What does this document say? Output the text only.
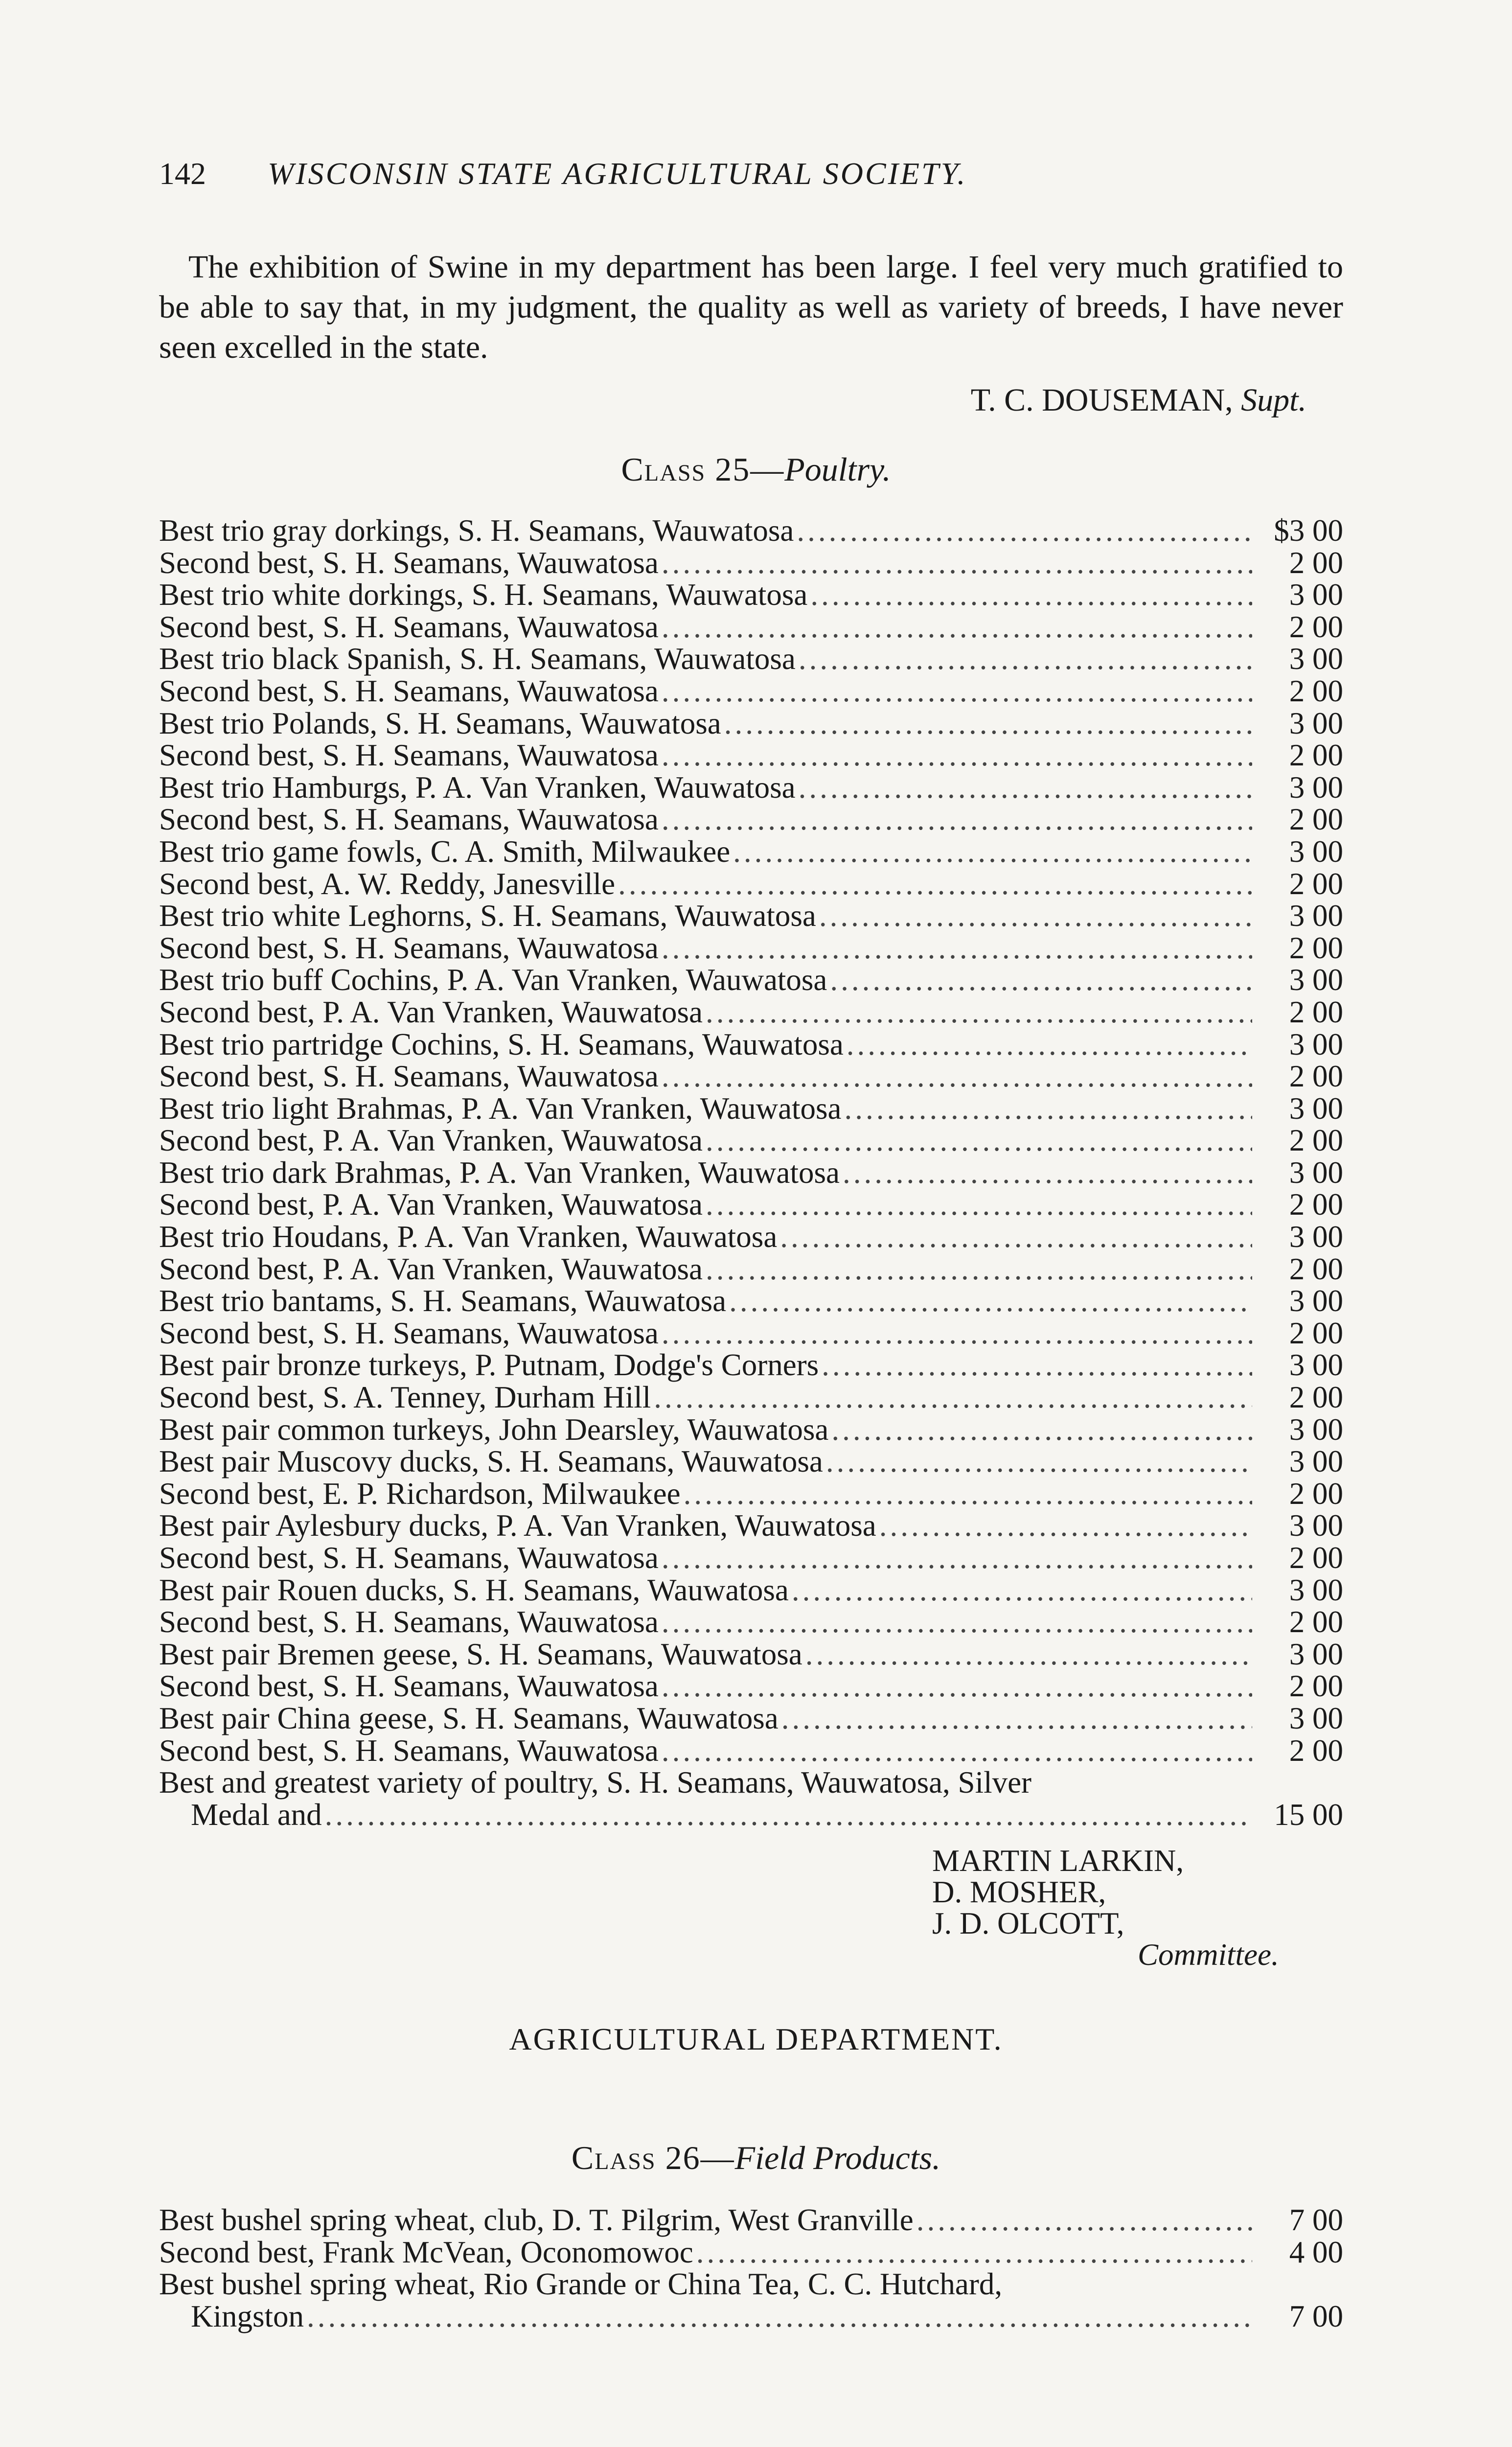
142 WISCONSIN STATE AGRICULTURAL SOCIETY.

The exhibition of Swine in my department has been large. I feel very much gratified to be able to say that, in my judgment, the quality as well as variety of breeds, I have never seen excelled in the state.

T. C. DOUSEMAN, Supt.
Class 25—Poultry.
Best trio gray dorkings, S. H. Seamans, Wauwatosa .....	$3 00
Second best, S. H. Seamans, Wauwatosa .....	2 00
Best trio white dorkings, S. H. Seamans, Wauwatosa .....	3 00
Second best, S. H. Seamans, Wauwatosa .....	2 00
Best trio black Spanish, S. H. Seamans, Wauwatosa .....	3 00
Second best, S. H. Seamans, Wauwatosa .....	2 00
Best trio Polands, S. H. Seamans, Wauwatosa .....	3 00
Second best, S. H. Seamans, Wauwatosa .....	2 00
Best trio Hamburgs, P. A. Van Vranken, Wauwatosa .....	3 00
Second best, S. H. Seamans, Wauwatosa .....	2 00
Best trio game fowls, C. A. Smith, Milwaukee .....	3 00
Second best, A. W. Reddy, Janesville .....	2 00
Best trio white Leghorns, S. H. Seamans, Wauwatosa .....	3 00
Second best, S. H. Seamans, Wauwatosa .....	2 00
Best trio buff Cochins, P. A. Van Vranken, Wauwatosa .....	3 00
Second best, P. A. Van Vranken, Wauwatosa .....	2 00
Best trio partridge Cochins, S. H. Seamans, Wauwatosa .....	3 00
Second best, S. H. Seamans, Wauwatosa .....	2 00
Best trio light Brahmas, P. A. Van Vranken, Wauwatosa .....	3 00
Second best, P. A. Van Vranken, Wauwatosa .....	2 00
Best trio dark Brahmas, P. A. Van Vranken, Wauwatosa .....	3 00
Second best, P. A. Van Vranken, Wauwatosa .....	2 00
Best trio Houdans, P. A. Van Vranken, Wauwatosa .....	3 00
Second best, P. A. Van Vranken, Wauwatosa .....	2 00
Best trio bantams, S. H. Seamans, Wauwatosa .....	3 00
Second best, S. H. Seamans, Wauwatosa .....	2 00
Best pair bronze turkeys, P. Putnam, Dodge's Corners .....	3 00
Second best, S. A. Tenney, Durham Hill .....	2 00
Best pair common turkeys, John Dearsley, Wauwatosa .....	3 00
Best pair Muscovy ducks, S. H. Seamans, Wauwatosa .....	3 00
Second best, E. P. Richardson, Milwaukee .....	2 00
Best pair Aylesbury ducks, P. A. Van Vranken, Wauwatosa .....	3 00
Second best, S. H. Seamans, Wauwatosa .....	2 00
Best pair Rouen ducks, S. H. Seamans, Wauwatosa .....	3 00
Second best, S. H. Seamans, Wauwatosa .....	2 00
Best pair Bremen geese, S. H. Seamans, Wauwatosa .....	3 00
Second best, S. H. Seamans, Wauwatosa .....	2 00
Best pair China geese, S. H. Seamans, Wauwatosa .....	3 00
Second best, S. H. Seamans, Wauwatosa .....	2 00
Best and greatest variety of poultry, S. H. Seamans, Wauwatosa, Silver
Medal and .....	15 00
MARTIN LARKIN,
D. MOSHER,
J. D. OLCOTT,
Committee.
AGRICULTURAL DEPARTMENT.
Class 26—Field Products.
Best bushel spring wheat, club, D. T. Pilgrim, West Granville .....	7 00
Second best, Frank McVean, Oconomowoc .....	4 00
Best bushel spring wheat, Rio Grande or China Tea, C. C. Hutchard,
Kingston .....	7 00
